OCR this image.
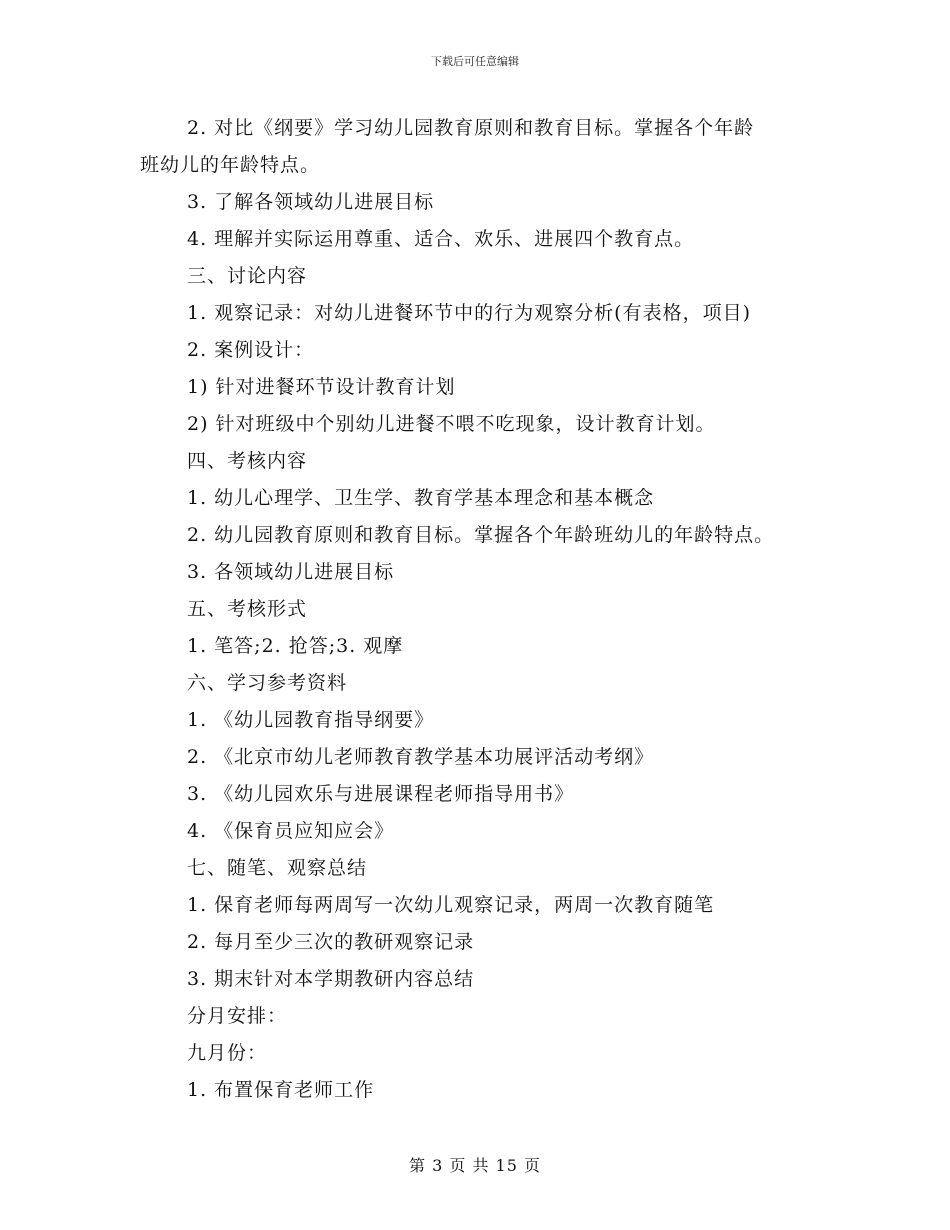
下载后可任意编辑
2. 对比《纲要》学习幼儿园教育原则和教育目标。掌握各个年龄
班幼儿的年龄特点。
3. 了解各领域幼儿进展目标
4. 理解并实际运用尊重、适合、欢乐、进展四个教育点。
三、讨论内容
1. 观察记录：对幼儿进餐环节中的行为观察分析(有表格，项目)
2. 案例设计：
1) 针对进餐环节设计教育计划
2) 针对班级中个别幼儿进餐不喂不吃现象，设计教育计划。
四、考核内容
1. 幼儿心理学、卫生学、教育学基本理念和基本概念
2. 幼儿园教育原则和教育目标。掌握各个年龄班幼儿的年龄特点。
3. 各领域幼儿进展目标
五、考核形式
1. 笔答;2. 抢答;3. 观摩
六、学习参考资料
1. 《幼儿园教育指导纲要》
2. 《北京市幼儿老师教育教学基本功展评活动考纲》
3. 《幼儿园欢乐与进展课程老师指导用书》
4. 《保育员应知应会》
七、随笔、观察总结
1. 保育老师每两周写一次幼儿观察记录，两周一次教育随笔
2. 每月至少三次的教研观察记录
3. 期末针对本学期教研内容总结
分月安排：
九月份：
1. 布置保育老师工作
第 3 页 共 15 页
